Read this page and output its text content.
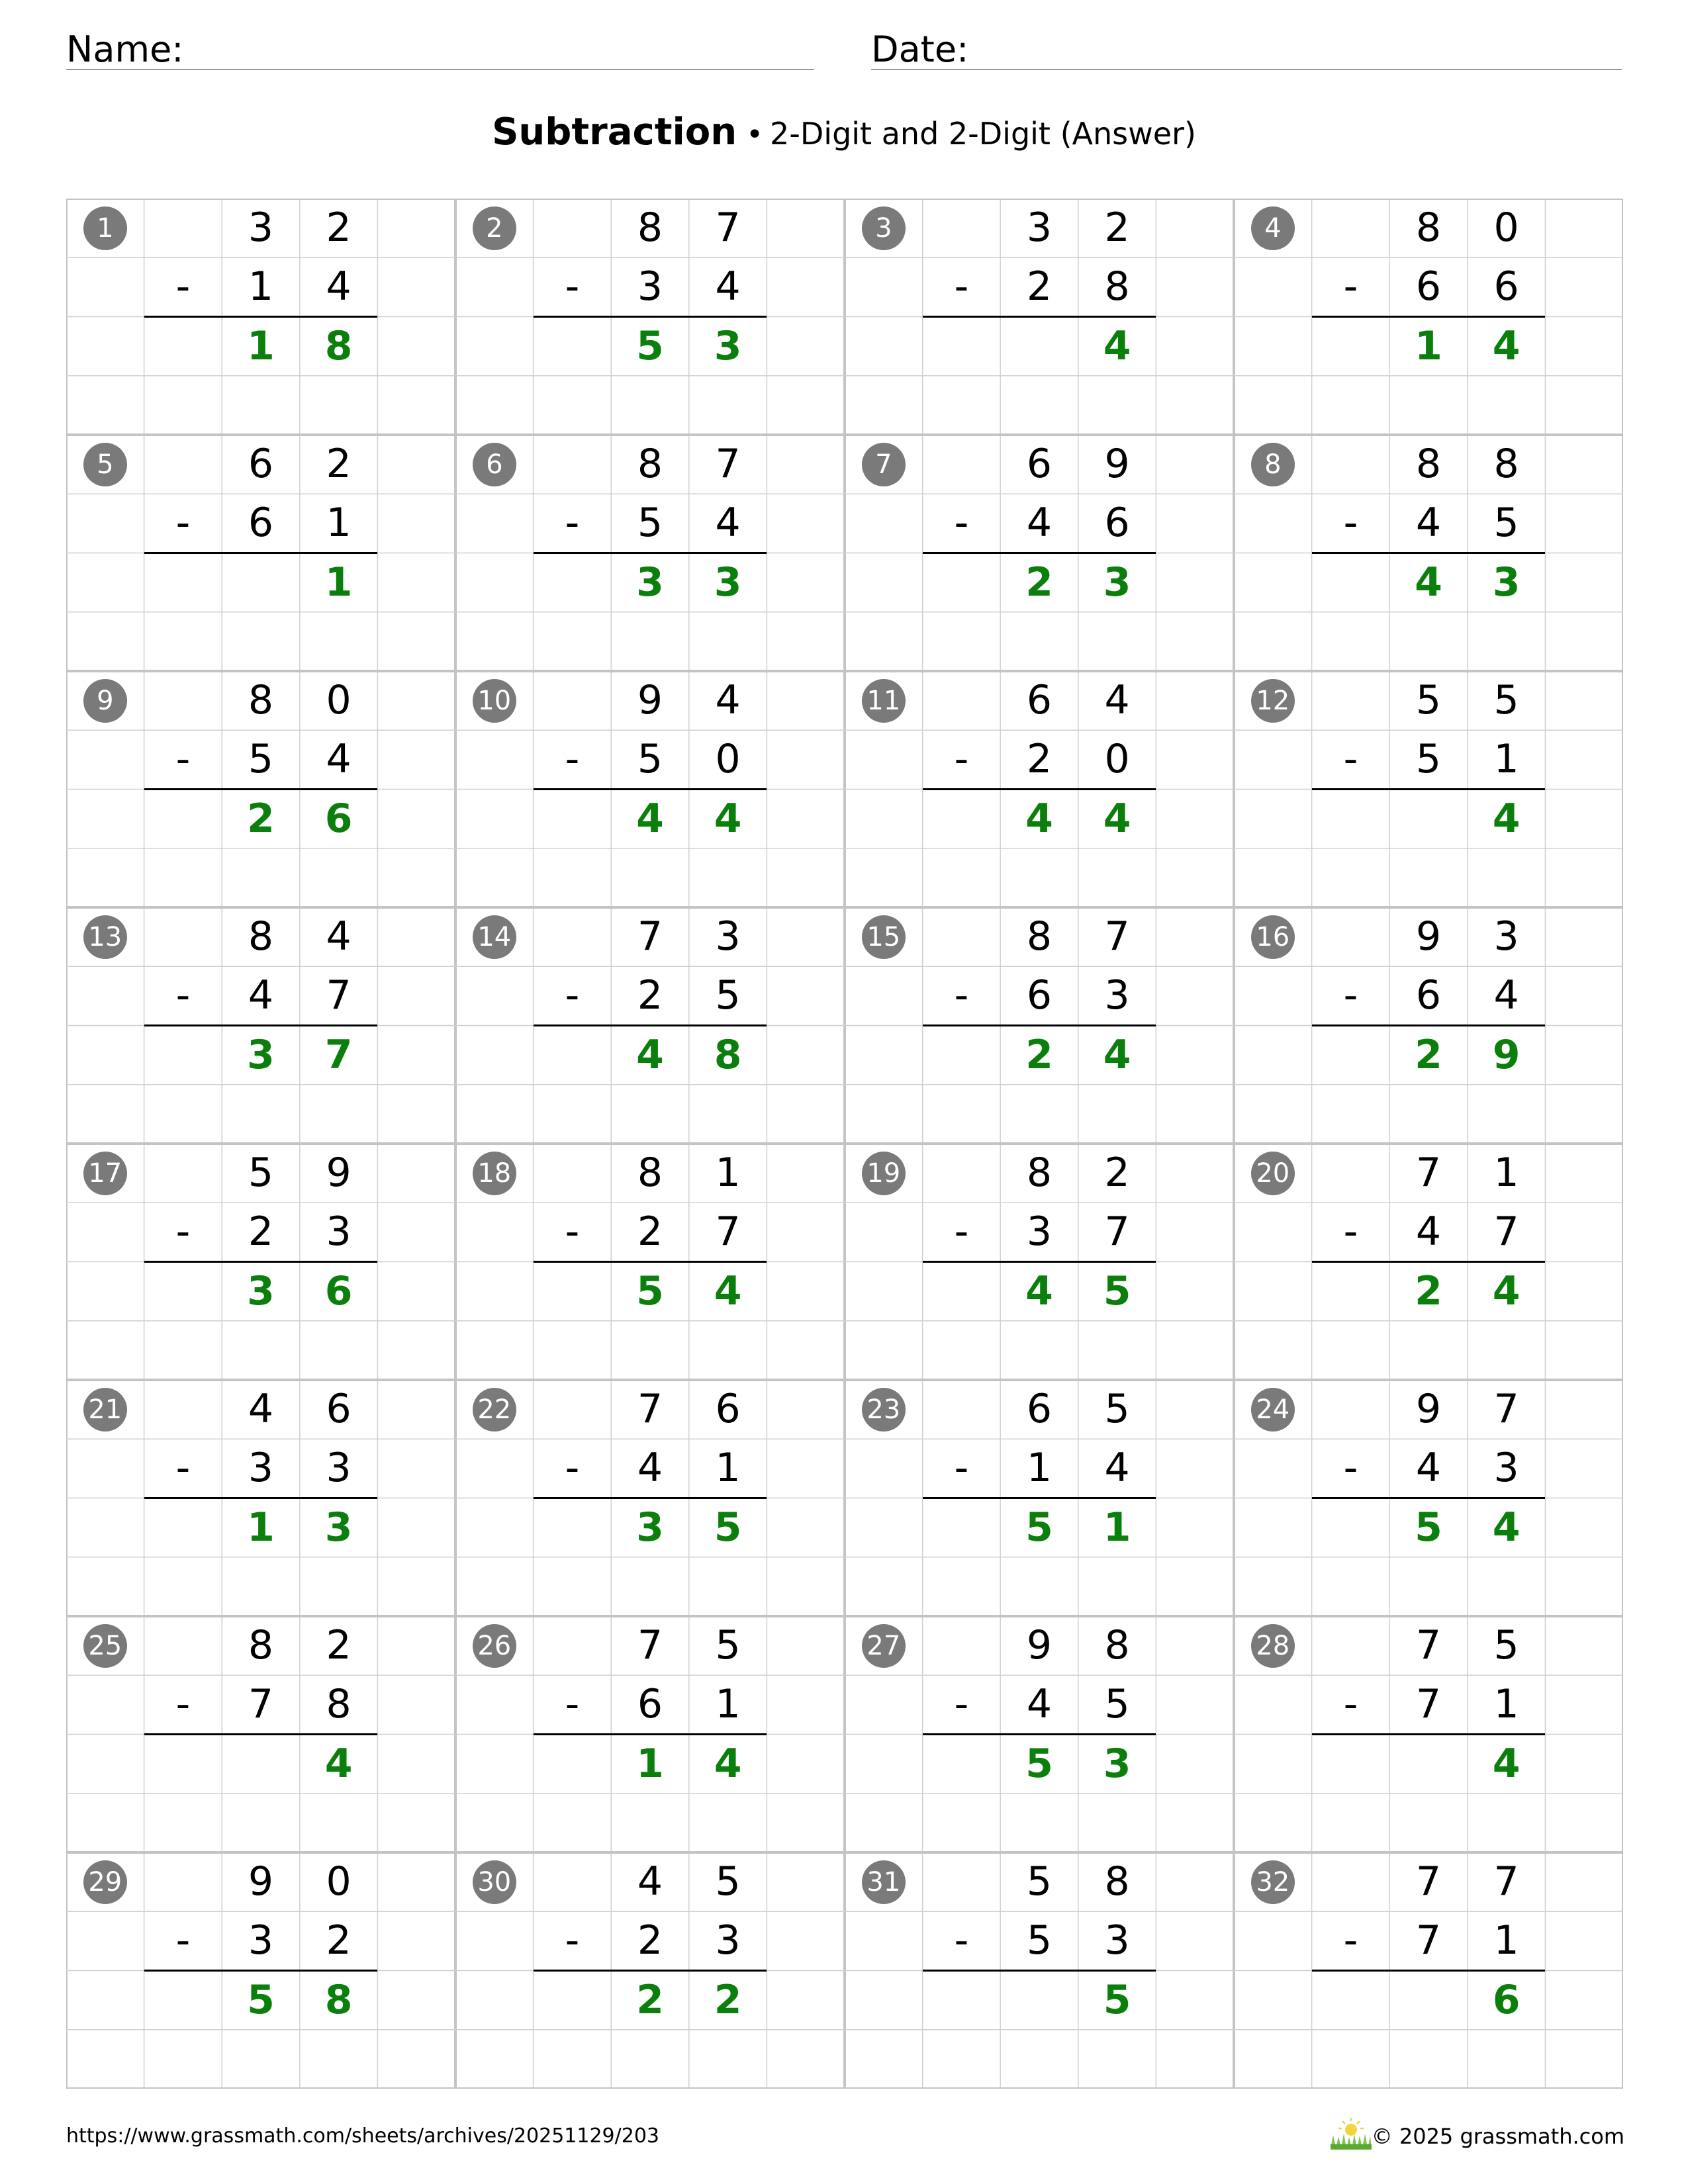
Name:	Date:
Subtraction • 2-Digit and 2-Digit (Answer)
1	3	2
-	1	4
1	8
2	8	7
-	3	4
5	3
3	3	2
-	2	8
4
4	8	0
-	6	6
1	4
5	6	2
-	6	1
1
6	8	7
-	5	4
3	3
7	6	9
-	4	6
2	3
8	8	8
-	4	5
4	3
9	8	0
-	5	4
2	6
10	9	4
-	5	0
4	4
11	6	4
-	2	0
4	4
12	5	5
-	5	1
4
13	8	4
-	4	7
3	7
14	7	3
-	2	5
4	8
15	8	7
-	6	3
2	4
16	9	3
-	6	4
2	9
17	5	9
-	2	3
3	6
18	8	1
-	2	7
5	4
19	8	2
-	3	7
4	5
20	7	1
-	4	7
2	4
21	4	6
-	3	3
1	3
22	7	6
-	4	1
3	5
23	6	5
-	1	4
5	1
24	9	7
-	4	3
5	4
25	8	2
-	7	8
4
26	7	5
-	6	1
1	4
27	9	8
-	4	5
5	3
28	7	5
-	7	1
4
29	9	0
-	3	2
5	8
30	4	5
-	2	3
2	2
31	5	8
-	5	3
5
32	7	7
-	7	1
6
https://www.grassmath.com/sheets/archives/20251129/203	© 2025 grassmath.com
